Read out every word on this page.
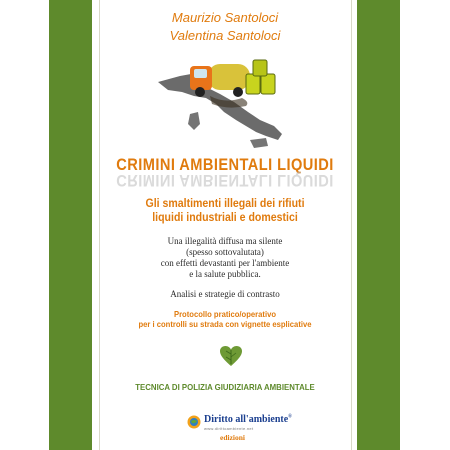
Maurizio Santoloci
Valentina Santoloci
CRIMINI AMBIENTALI LIQUIDI
CRIMINI AMBIENTALI LIQUIDI
Gli smaltimenti illegali dei rifiuti
liquidi industriali e domestici
Una illegalità diffusa ma silente
(spesso sottovalutata)
con effetti devastanti per l'ambiente
e la salute pubblica.
Analisi e strategie di contrasto
Protocollo pratico/operativo
per i controlli su strada con vignette esplicative
TECNICA DI POLIZIA GIUDIZIARIA AMBIENTALE
Diritto all'ambiente®
www.dirittoambiente.net
edizioni
